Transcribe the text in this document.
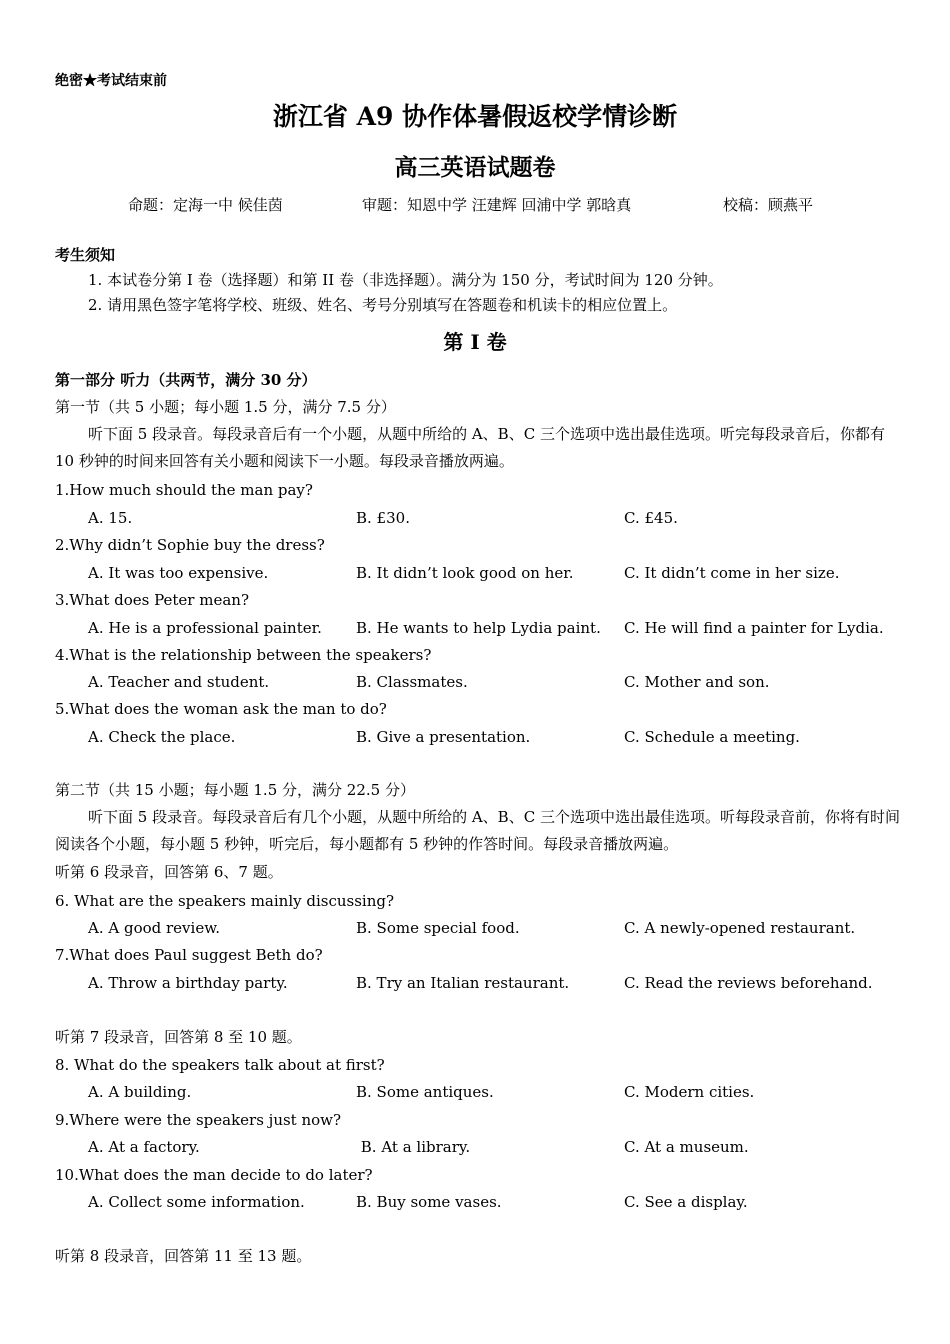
绝密★考试结束前
浙江省 A9 协作体暑假返校学情诊断
高三英语试题卷
命题：定海一中 候佳茵	审题：知恩中学 汪建辉 回浦中学 郭晗真	校稿：顾燕平
考生须知
1. 本试卷分第 I 卷（选择题）和第 II 卷（非选择题）。满分为 150 分，考试时间为 120 分钟。
2. 请用黑色签字笔将学校、班级、姓名、考号分别填写在答题卷和机读卡的相应位置上。
第 I 卷
第一部分 听力（共两节，满分 30 分）
第一节（共 5 小题；每小题 1.5 分，满分 7.5 分）
听下面 5 段录音。每段录音后有一个小题，从题中所给的 A、B、C 三个选项中选出最佳选项。听完每段录音后，你都有 10 秒钟的时间来回答有关小题和阅读下一小题。每段录音播放两遍。
1.How much should the man pay?
A. 15.	B. £30.	C. £45.
2.Why didn’t Sophie buy the dress?
A. It was too expensive.	B. It didn’t look good on her.	C. It didn’t come in her size.
3.What does Peter mean?
A. He is a professional painter. B. He wants to help Lydia paint. C. He will find a painter for Lydia.
4.What is the relationship between the speakers?
A. Teacher and student.	B. Classmates.	C. Mother and son.
5.What does the woman ask the man to do?
A. Check the place.	B. Give a presentation.	C. Schedule a meeting.
第二节（共 15 小题；每小题 1.5 分，满分 22.5 分）
听下面 5 段录音。每段录音后有几个小题，从题中所给的 A、B、C 三个选项中选出最佳选项。听每段录音前，你将有时间阅读各个小题，每小题 5 秒钟，听完后，每小题都有 5 秒钟的作答时间。每段录音播放两遍。
听第 6 段录音，回答第 6、7 题。
6. What are the speakers mainly discussing?
A. A good review.	B. Some special food.	C. A newly-opened restaurant.
7.What does Paul suggest Beth do?
A. Throw a birthday party.	B. Try an Italian restaurant.	C. Read the reviews beforehand.
听第 7 段录音，回答第 8 至 10 题。
8. What do the speakers talk about at first?
A. A building.	B. Some antiques.	C. Modern cities.
9.Where were the speakers just now?
A. At a factory.	B. At a library.	C. At a museum.
10.What does the man decide to do later?
A. Collect some information.	B. Buy some vases.	C. See a display.
听第 8 段录音，回答第 11 至 13 题。
